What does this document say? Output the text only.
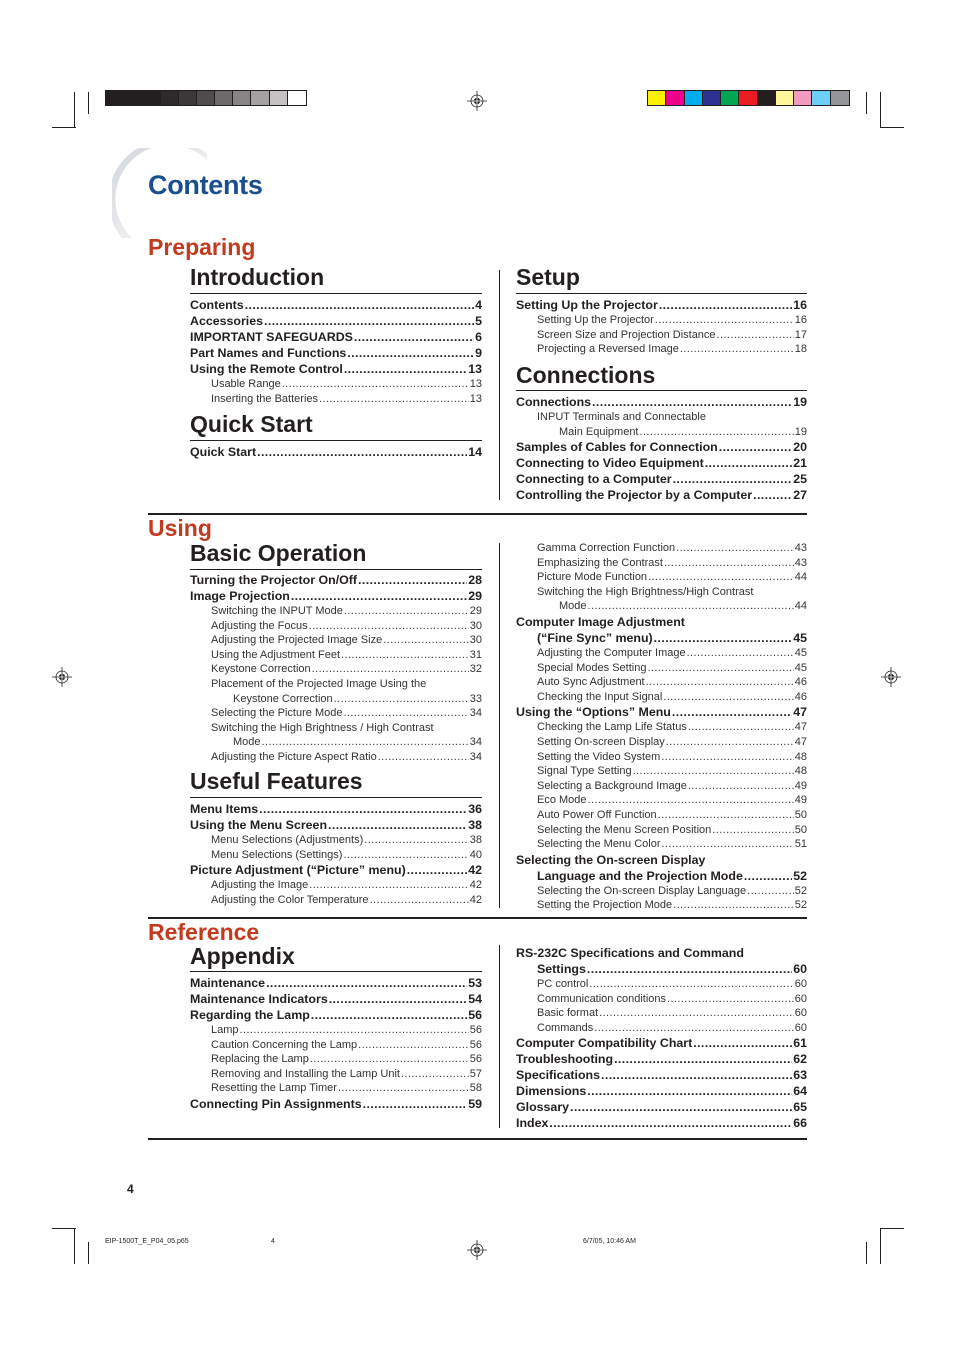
Contents
Preparing
Introduction
Contents .....	4
Accessories .....	5
IMPORTANT SAFEGUARDS .....	6
Part Names and Functions .....	9
Using the Remote Control .....	13
Usable Range .....	13
Inserting the Batteries .....	13
Quick Start
Quick Start .....	14
Setup
Setting Up the Projector .....	16
Setting Up the Projector .....	16
Screen Size and Projection Distance .....	17
Projecting a Reversed Image .....	18
Connections
Connections .....	19
INPUT Terminals and Connectable
Main Equipment .....	19
Samples of Cables for Connection .....	20
Connecting to Video Equipment .....	21
Connecting to a Computer .....	25
Controlling the Projector by a Computer .....	27
Using
Basic Operation
Turning the Projector On/Off .....	28
Image Projection .....	29
Switching the INPUT Mode .....	29
Adjusting the Focus .....	30
Adjusting the Projected Image Size .....	30
Using the Adjustment Feet .....	31
Keystone Correction .....	32
Placement of the Projected Image Using the
Keystone Correction .....	33
Selecting the Picture Mode .....	34
Switching the High Brightness / High Contrast
Mode .....	34
Adjusting the Picture Aspect Ratio .....	34
Useful Features
Menu Items .....	36
Using the Menu Screen .....	38
Menu Selections (Adjustments) .....	38
Menu Selections (Settings) .....	40
Picture Adjustment (“Picture” menu) .....	42
Adjusting the Image .....	42
Adjusting the Color Temperature .....	42
Gamma Correction Function .....	43
Emphasizing the Contrast .....	43
Picture Mode Function .....	44
Switching the High Brightness/High Contrast
Mode .....	44
Computer Image Adjustment
(“Fine Sync” menu) .....	45
Adjusting the Computer Image .....	45
Special Modes Setting .....	45
Auto Sync Adjustment .....	46
Checking the Input Signal .....	46
Using the “Options” Menu .....	47
Checking the Lamp Life Status .....	47
Setting On-screen Display .....	47
Setting the Video System .....	48
Signal Type Setting .....	48
Selecting a Background Image .....	49
Eco Mode .....	49
Auto Power Off Function .....	50
Selecting the Menu Screen Position .....	50
Selecting the Menu Color .....	51
Selecting the On-screen Display
Language and the Projection Mode .....	52
Selecting the On-screen Display Language .....	52
Setting the Projection Mode .....	52
Reference
Appendix
Maintenance .....	53
Maintenance Indicators .....	54
Regarding the Lamp .....	56
Lamp .....	56
Caution Concerning the Lamp .....	56
Replacing the Lamp .....	56
Removing and Installing the Lamp Unit .....	57
Resetting the Lamp Timer .....	58
Connecting Pin Assignments .....	59
RS-232C Specifications and Command
Settings .....	60
PC control .....	60
Communication conditions .....	60
Basic format .....	60
Commands .....	60
Computer Compatibility Chart .....	61
Troubleshooting .....	62
Specifications .....	63
Dimensions .....	64
Glossary .....	65
Index .....	66
4
EIP-1500T_E_P04_05.p65	4	6/7/05, 10:46 AM
